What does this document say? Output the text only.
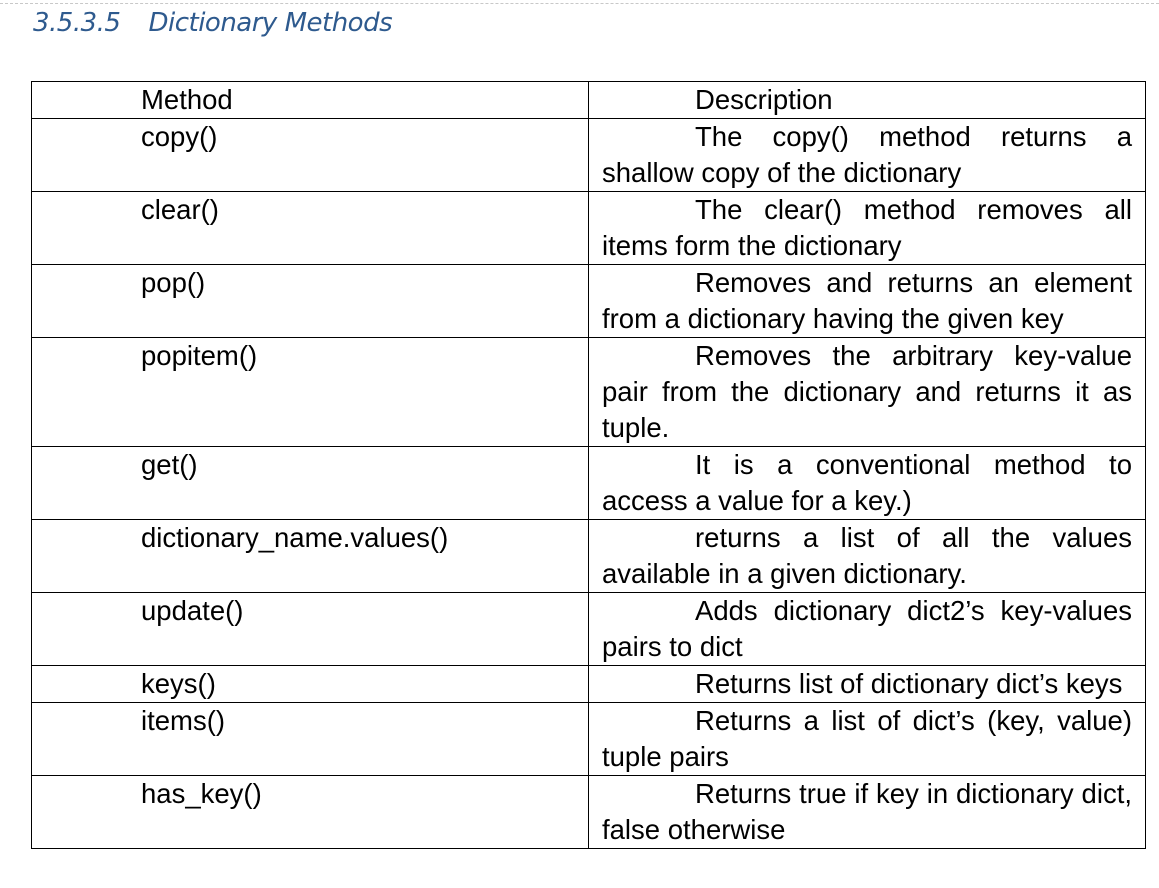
3.5.3.5 Dictionary Methods
Method	Description
copy()	The copy() method returns a shallow copy of the dictionary
clear()	The clear() method removes all items form the dictionary
pop()	Removes and returns an element from a dictionary having the given key
popitem()	Removes the arbitrary key-value pair from the dictionary and returns it as tuple.
get()	It is a conventional method to access a value for a key.)
dictionary_name.values()	returns a list of all the values available in a given dictionary.
update()	Adds dictionary dict2’s key-values pairs to dict
keys()	Returns list of dictionary dict’s keys
items()	Returns a list of dict’s (key, value) tuple pairs
has_key()	Returns true if key in dictionary dict, false otherwise
